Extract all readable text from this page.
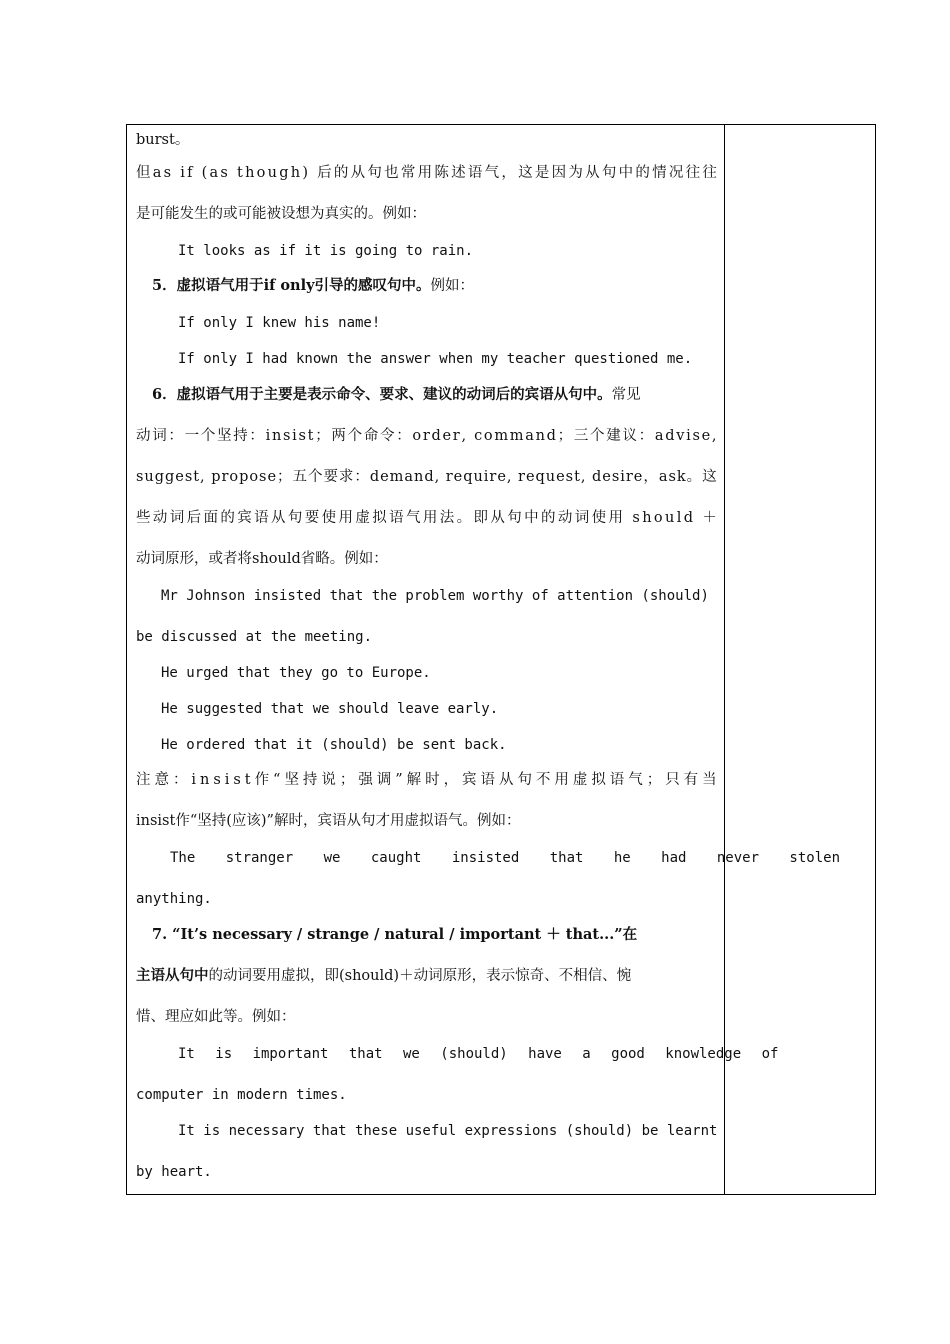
burst。
但 a s
i f
( a s
t h o u g h )
后 的 从 句 也 常 用 陈 述 语 气 ， 这 是 因 为 从 句 中 的 情 况 往 往
是可能发生的或可能被设想为真实的。例如：
It looks as if it is going to rain.
5．虚拟语气用于if only引导的感叹句中。例如：
If only I knew his name!
If only I had known the answer when my teacher questioned me.
6．虚拟语气用于主要是表示命令、要求、建议的动词后的宾语从句中。常见
动 词 ： 一 个 坚 持 ： i n s i s t ； 两 个 命 令 ： o r d e r ,
c o m m a n d ； 三 个 建 议 ： a d v i s e ,
s u g g e s t ,
p r o p o s e ； 五 个 要 求 ： d e m a n d ,
r e q u i r e ,
r e q u e s t ,
d e s i r e ， a s k 。 这
些 动 词 后 面 的 宾 语 从 句 要 使 用 虚 拟 语 气 用 法 。 即 从 句 中 的 动 词 使 用
s h o u l d
＋
动词原形，或者将should省略。例如：
Mr Johnson insisted that the problem worthy of attention (should)
be discussed at the meeting.
He urged that they go to Europe.
He suggested that we should leave early.
He ordered that it (should) be sent back.
注 意 ： i n s i s t 作 “ 坚 持 说 ； 强 调 ” 解 时 ， 宾 语 从 句 不 用 虚 拟 语 气 ； 只 有 当
insist作“坚持(应该)”解时，宾语从句才用虚拟语气。例如：
The stranger we caught insisted that he had never stolen
anything.
7. “It’s necessary / strange / natural / important ＋ that...”在
主语从句中的动词要用虚拟，即(should)＋动词原形，表示惊奇、不相信、惋
惜、理应如此等。例如：
It is important that we (should) have a good knowledge of
computer in modern times.
It is necessary that these useful expressions (should) be learnt
by heart.
